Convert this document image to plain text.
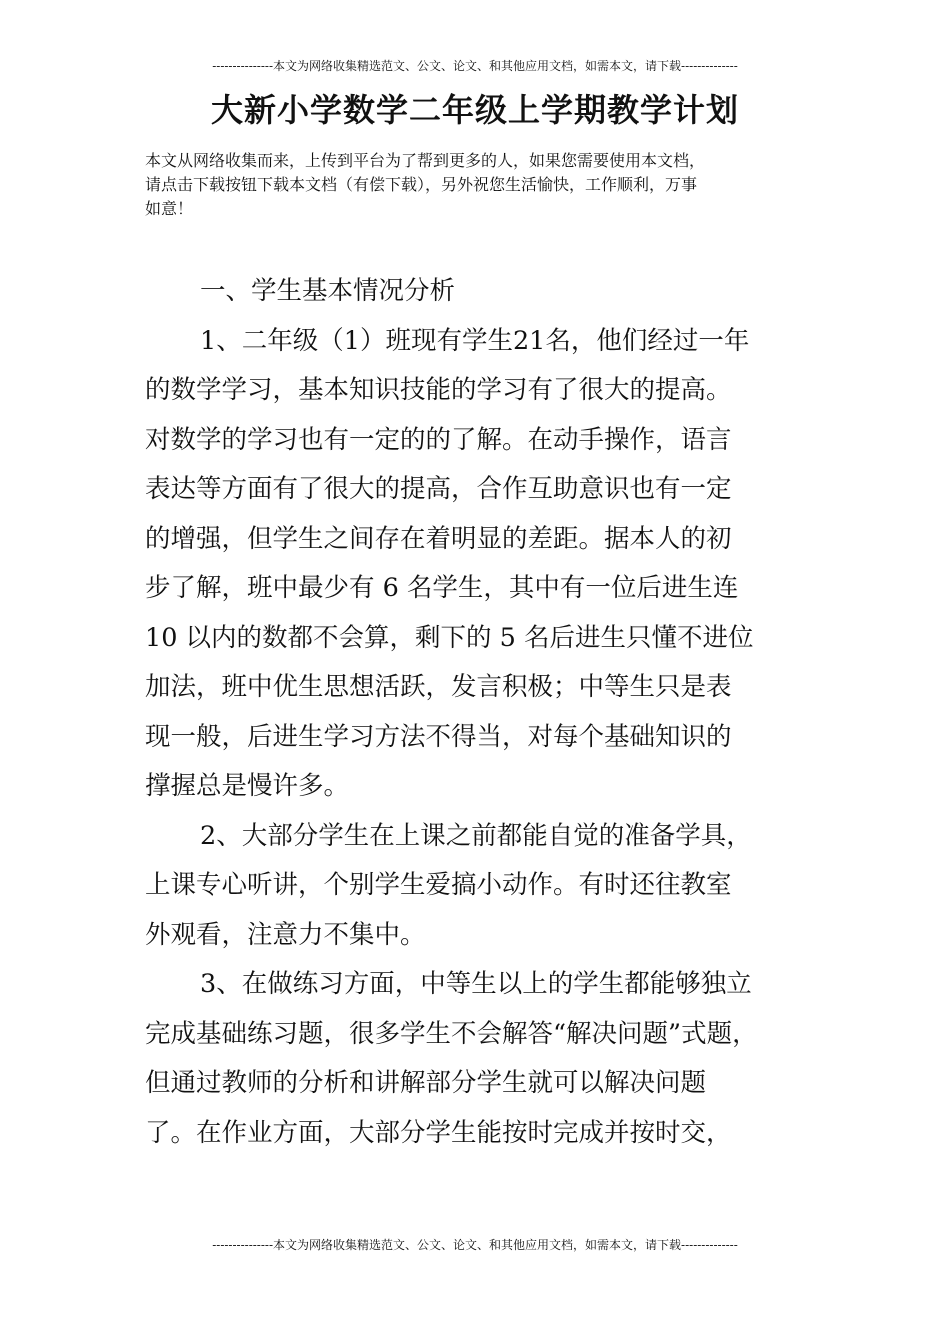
---------------本文为网络收集精选范文、公文、论文、和其他应用文档，如需本文，请下载--------------
大新小学数学二年级上学期教学计划
本文从网络收集而来，上传到平台为了帮到更多的人，如果您需要使用本文档，
请点击下载按钮下载本文档（有偿下载），另外祝您生活愉快，工作顺利，万事
如意！
一、学生基本情况分析
1、二年级（1）班现有学生21名，他们经过一年
的数学学习，基本知识技能的学习有了很大的提高。
对数学的学习也有一定的的了解。在动手操作，语言
表达等方面有了很大的提高，合作互助意识也有一定
的增强，但学生之间存在着明显的差距。据本人的初
步了解，班中最少有 6 名学生，其中有一位后进生连
10 以内的数都不会算，剩下的 5 名后进生只懂不进位
加法，班中优生思想活跃，发言积极；中等生只是表
现一般，后进生学习方法不得当，对每个基础知识的
撑握总是慢许多。
2、大部分学生在上课之前都能自觉的准备学具，
上课专心听讲，个别学生爱搞小动作。有时还往教室
外观看，注意力不集中。
3、在做练习方面，中等生以上的学生都能够独立
完成基础练习题，很多学生不会解答“解决问题”式题，
但通过教师的分析和讲解部分学生就可以解决问题
了。在作业方面，大部分学生能按时完成并按时交，
---------------本文为网络收集精选范文、公文、论文、和其他应用文档，如需本文，请下载--------------
